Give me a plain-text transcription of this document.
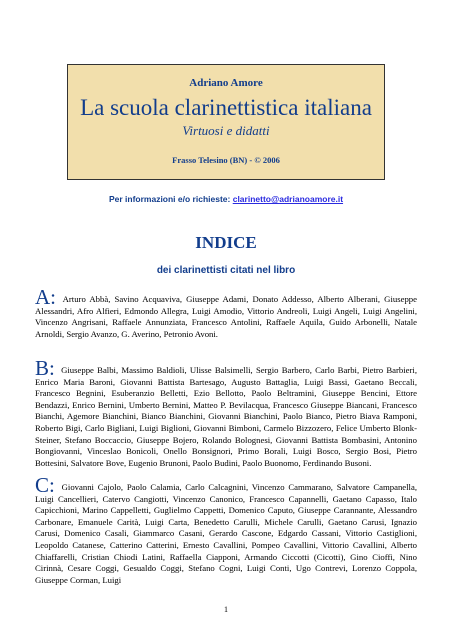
Adriano Amore
La scuola clarinettistica italiana
Virtuosi e didatti
Frasso Telesino (BN) - © 2006
Per informazioni e/o richieste: clarinetto@adrianoamore.it
INDICE
dei clarinettisti citati nel libro
A: Arturo Abbà, Savino Acquaviva, Giuseppe Adami, Donato Addesso, Alberto Alberani, Giuseppe Alessandri, Afro Alfieri, Edmondo Allegra, Luigi Amodio, Vittorio Andreoli, Luigi Angeli, Luigi Angelini, Vincenzo Angrisani, Raffaele Annunziata, Francesco Antolini, Raffaele Aquila, Guido Arbonelli, Natale Arnoldi, Sergio Avanzo, G. Averino, Petronio Avoni.
B: Giuseppe Balbi, Massimo Baldioli, Ulisse Balsimelli, Sergio Barbero, Carlo Barbi, Pietro Barbieri, Enrico Maria Baroni, Giovanni Battista Bartesago, Augusto Battaglia, Luigi Bassi, Gaetano Beccali, Francesco Begnini, Esuberanzio Belletti, Ezio Bellotto, Paolo Beltramini, Giuseppe Bencini, Ettore Bendazzi, Enrico Bernini, Umberto Bernini, Matteo P. Bevilacqua, Francesco Giuseppe Biancani, Francesco Bianchi, Agemore Bianchini, Bianco Bianchini, Giovanni Bianchini, Paolo Bianco, Pietro Biava Ramponi, Roberto Bigi, Carlo Bigliani, Luigi Biglioni, Giovanni Bimboni, Carmelo Bizzozero, Felice Umberto Blonk-Steiner, Stefano Boccaccio, Giuseppe Bojero, Rolando Bolognesi, Giovanni Battista Bombasini, Antonino Bongiovanni, Vinceslao Bonicoli, Onello Bonsignori, Primo Borali, Luigi Bosco, Sergio Bosi, Pietro Bottesini, Salvatore Bove, Eugenio Brunoni, Paolo Budini, Paolo Buonomo, Ferdinando Busoni.
C: Giovanni Cajolo, Paolo Calamia, Carlo Calcagnini, Vincenzo Cammarano, Salvatore Campanella, Luigi Cancellieri, Catervo Cangiotti, Vincenzo Canonico, Francesco Capannelli, Gaetano Capasso, Italo Capicchioni, Marino Cappelletti, Guglielmo Cappetti, Domenico Caputo, Giuseppe Carannante, Alessandro Carbonare, Emanuele Carità, Luigi Carta, Benedetto Carulli, Michele Carulli, Gaetano Carusi, Ignazio Carusi, Domenico Casali, Giammarco Casani, Gerardo Cascone, Edgardo Cassani, Vittorio Castiglioni, Leopoldo Catanese, Catterino Catterini, Ernesto Cavallini, Pompeo Cavallini, Vittorio Cavallini, Alberto Chiaffarelli, Cristian Chiodi Latini, Raffaella Ciapponi, Armando Ciccotti (Cicotti), Gino Cioffi, Nino Cirinnà, Cesare Coggi, Gesualdo Coggi, Stefano Cogni, Luigi Conti, Ugo Contrevi, Lorenzo Coppola, Giuseppe Corman, Luigi
1
